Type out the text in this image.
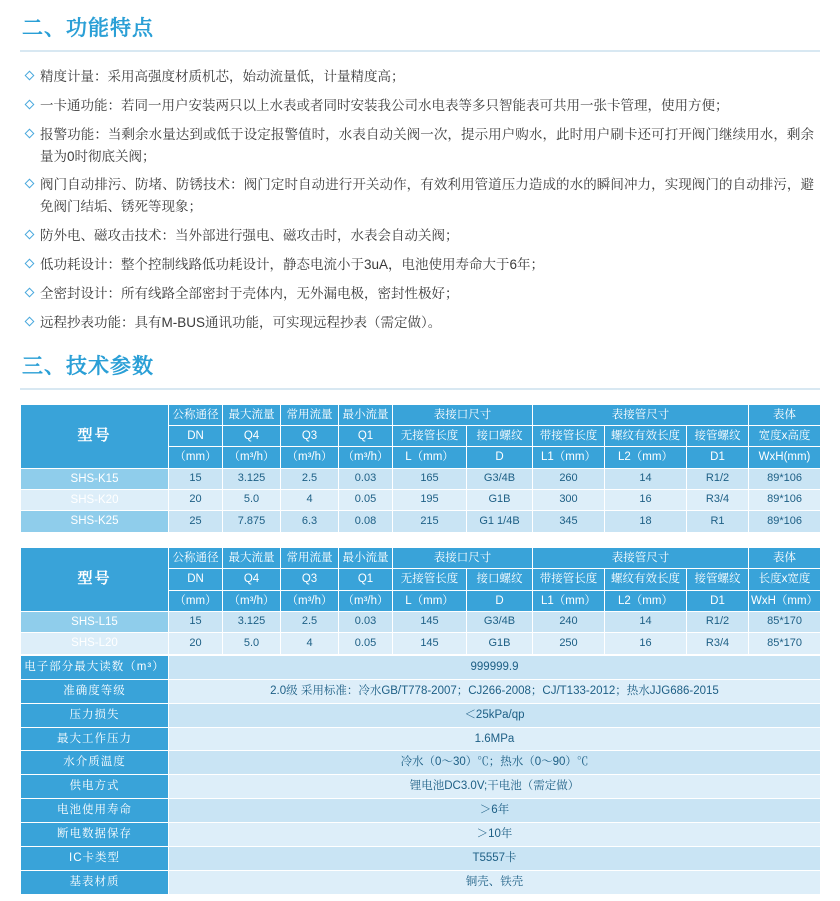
二、功能特点
精度计量：采用高强度材质机芯，始动流量低，计量精度高；
一卡通功能：若同一用户安装两只以上水表或者同时安装我公司水电表等多只智能表可共用一张卡管理，使用方便；
报警功能：当剩余水量达到或低于设定报警值时，水表自动关阀一次，提示用户购水，此时用户刷卡还可打开阀门继续用水，剩余量为0时彻底关阀；
阀门自动排污、防堵、防锈技术：阀门定时自动进行开关动作，有效利用管道压力造成的水的瞬间冲力，实现阀门的自动排污，避免阀门结垢、锈死等现象；
防外电、磁攻击技术：当外部进行强电、磁攻击时，水表会自动关阀；
低功耗设计：整个控制线路低功耗设计，静态电流小于3uA，电池使用寿命大于6年；
全密封设计：所有线路全部密封于壳体内，无外漏电极，密封性极好；
远程抄表功能：具有M-BUS通讯功能，可实现远程抄表（需定做）。
三、技术参数
型号	公称通径	最大流量	常用流量	最小流量	表接口尺寸		表接管尺寸			表体
	DN	Q4	Q3	Q1	无接管长度	接口螺纹	带接管长度	螺纹有效长度	接管螺纹	宽度x高度
	（mm）	（m³/h）	（m³/h）	（m³/h）	L（mm）	D	L1（mm）	L2（mm）	D1	WxH(mm)
SHS-K15	15	3.125	2.5	0.03	165	G3/4B	260	14	R1/2	89*106
SHS-K20	20	5.0	4	0.05	195	G1B	300	16	R3/4	89*106
SHS-K25	25	7.875	6.3	0.08	215	G1 1/4B	345	18	R1	89*106
型号	公称通径	最大流量	常用流量	最小流量	表接口尺寸		表接管尺寸			表体
	DN	Q4	Q3	Q1	无接管长度	接口螺纹	带接管长度	螺纹有效长度	接管螺纹	长度x宽度
	（mm）	（m³/h）	（m³/h）	（m³/h）	L（mm）	D	L1（mm）	L2（mm）	D1	WxH（mm）
SHS-L15	15	3.125	2.5	0.03	145	G3/4B	240	14	R1/2	85*170
SHS-L20	20	5.0	4	0.05	145	G1B	250	16	R3/4	85*170
电子部分最大读数（m³）	999999.9
准确度等级	2.0级 采用标准：冷水GB/T778-2007；CJ266-2008；CJ/T133-2012；热水JJG686-2015
压力损失	＜25kPa/qp
最大工作压力	1.6MPa
水介质温度	冷水（0～30）℃；热水（0～90）℃
供电方式	锂电池DC3.0V;干电池（需定做）
电池使用寿命	＞6年
断电数据保存	＞10年
IC卡类型	T5557卡
基表材质	铜壳、铁壳
